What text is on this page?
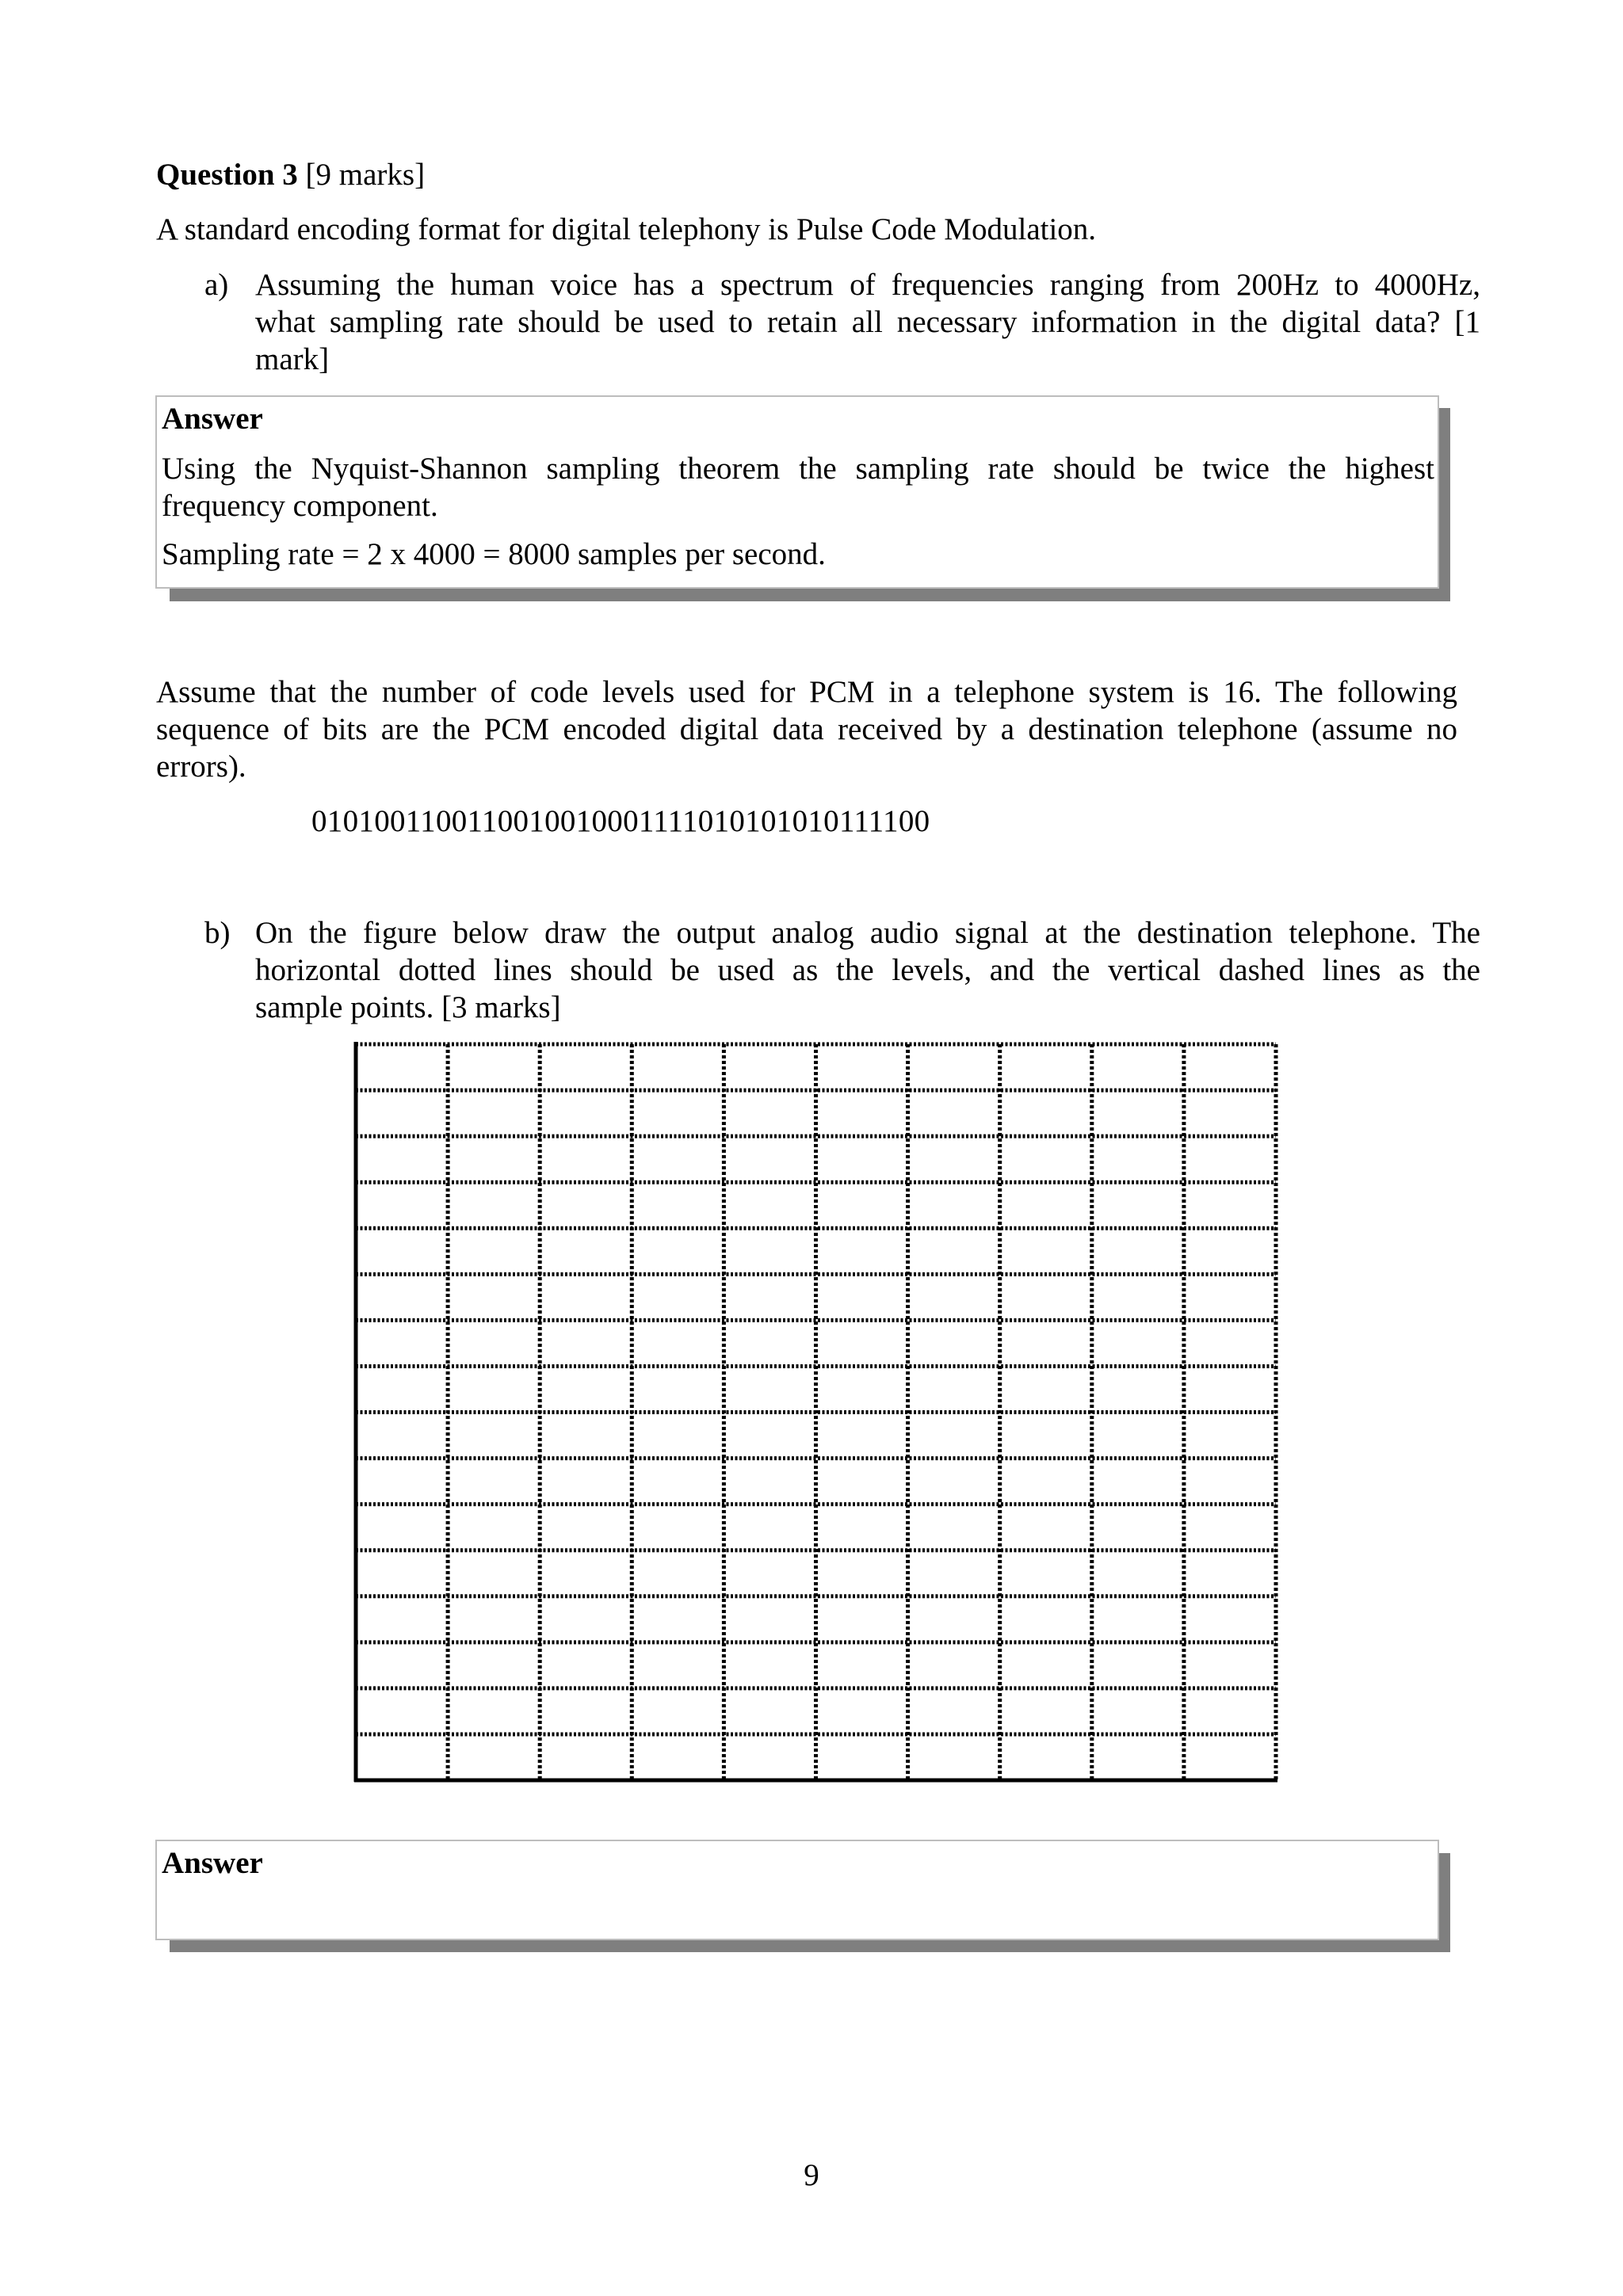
Question 3 [9 marks]
A standard encoding format for digital telephony is Pulse Code Modulation.
a) Assuming the human voice has a spectrum of frequencies ranging from 200Hz to 4000Hz,
what sampling rate should be used to retain all necessary information in the digital data? [1
mark]
Answer
Using the Nyquist-Shannon sampling theorem the sampling rate should be twice the highest
frequency component.
Sampling rate = 2 x 4000 = 8000 samples per second.
Assume that the number of code levels used for PCM in a telephone system is 16. The following
sequence of bits are the PCM encoded digital data received by a destination telephone (assume no
errors).
0101001100110010010001111010101010111100
b) On the figure below draw the output analog audio signal at the destination telephone. The
horizontal dotted lines should be used as the levels, and the vertical dashed lines as the
sample points. [3 marks]
Answer
9
